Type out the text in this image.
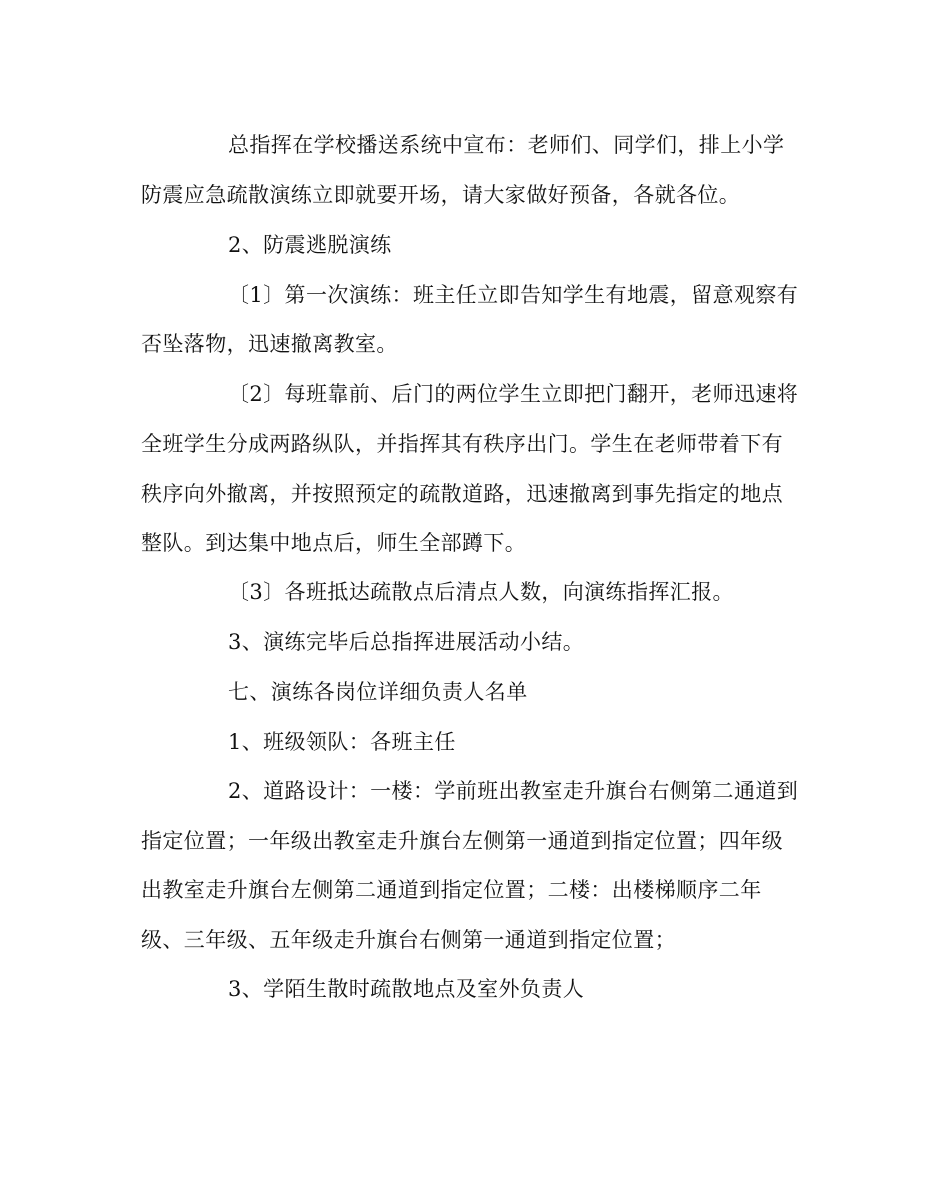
总指挥在学校播送系统中宣布：老师们、同学们，排上小学
防震应急疏散演练立即就要开场，请大家做好预备，各就各位。
2、防震逃脱演练
〔1〕第一次演练：班主任立即告知学生有地震，留意观察有
否坠落物，迅速撤离教室。
〔2〕每班靠前、后门的两位学生立即把门翻开，老师迅速将
全班学生分成两路纵队，并指挥其有秩序出门。学生在老师带着下有
秩序向外撤离，并按照预定的疏散道路，迅速撤离到事先指定的地点
整队。到达集中地点后，师生全部蹲下。
〔3〕各班抵达疏散点后清点人数，向演练指挥汇报。
3、演练完毕后总指挥进展活动小结。
七、演练各岗位详细负责人名单
1、班级领队：各班主任
2、道路设计：一楼：学前班出教室走升旗台右侧第二通道到
指定位置；一年级出教室走升旗台左侧第一通道到指定位置；四年级
出教室走升旗台左侧第二通道到指定位置；二楼：出楼梯顺序二年
级、三年级、五年级走升旗台右侧第一通道到指定位置；
3、学陌生散时疏散地点及室外负责人
